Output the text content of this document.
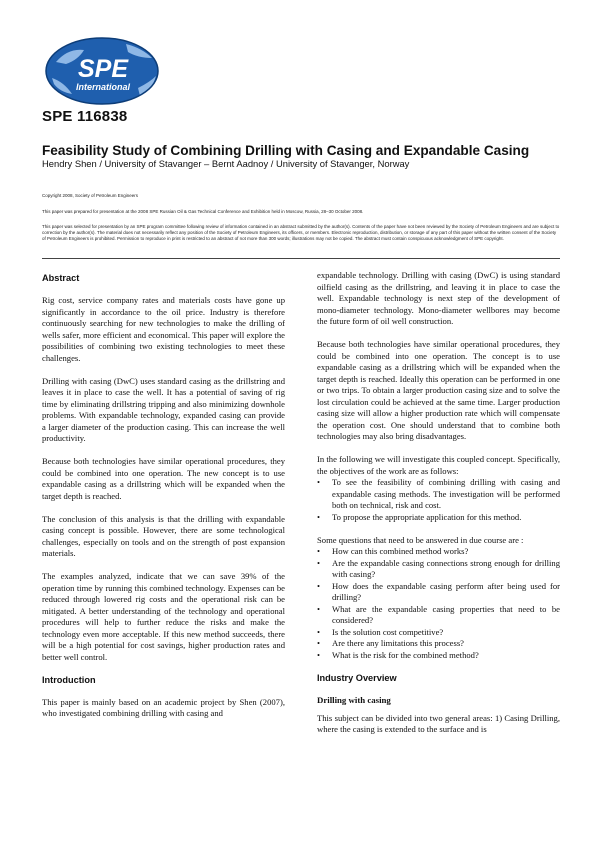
SPE
International
SPE 116838
Feasibility Study of Combining Drilling with Casing and Expandable Casing
Hendry Shen / University of Stavanger – Bernt Aadnoy / University of Stavanger, Norway
Copyright 2008, Society of Petroleum Engineers
This paper was prepared for presentation at the 2008 SPE Russian Oil & Gas Technical Conference and Exhibition held in Moscow, Russia, 28–30 October 2008.
This paper was selected for presentation by an SPE program committee following review of information contained in an abstract submitted by the author(s). Contents of the paper have not been reviewed by the Society of Petroleum Engineers and are subject to correction by the author(s). The material does not necessarily reflect any position of the Society of Petroleum Engineers, its officers, or members. Electronic reproduction, distribution, or storage of any part of this paper without the written consent of the Society of Petroleum Engineers is prohibited. Permission to reproduce in print is restricted to an abstract of not more than 300 words; illustrations may not be copied. The abstract must contain conspicuous acknowledgment of SPE copyright.
Abstract

Rig cost, service company rates and materials costs have gone up significantly in accordance to the oil price. Industry is therefore continuously searching for new technologies to make the drilling of wells safer, more efficient and economical. This paper will explore the possibilities of combining two existing technologies to meet these challenges.

Drilling with casing (DwC) uses standard casing as the drillstring and leaves it in place to case the well. It has a potential of saving of rig time by eliminating drillstring tripping and also minimizing downhole problems. With expandable technology, expanded casing can provide a larger diameter of the production casing. This can increase the well productivity.

Because both technologies have similar operational procedures, they could be combined into one operation. The new concept is to use expandable casing as a drillstring which will be expanded when the target depth is reached.

The conclusion of this analysis is that the drilling with expandable casing concept is possible. However, there are some technological challenges, especially on tools and on the strength of post expansion materials.

The examples analyzed, indicate that we can save 39% of the operation time by running this combined technology. Expenses can be reduced through lowered rig costs and the operational risk can be mitigated. A better understanding of the technology and operational procedures will help to further reduce the risks and make the technology even more acceptable. If this new method succeeds, there will be a high potential for cost savings, higher production rates and better well control.

Introduction

This paper is mainly based on an academic project by Shen (2007), who investigated combining drilling with casing and

expandable technology. Drilling with casing (DwC) is using standard oilfield casing as the drillstring, and leaving it in place to case the well. Expandable technology is next step of the development of mono-diameter technology. Mono-diameter wellbores may become the future form of oil well construction.

Because both technologies have similar operational procedures, they could be combined into one operation. The concept is to use expandable casing as a drillstring which will be expanded when the target depth is reached. Ideally this operation can be performed in one or two trips. To obtain a larger production casing size and to solve the lost circulation could be achieved at the same time. Larger production casing size will allow a higher production rate which will compensate the operation cost. One should understand that to combine both technologies may also bring disadvantages.

In the following we will investigate this coupled concept. Specifically, the objectives of the work are as follows:

• To see the feasibility of combining drilling with casing and expandable casing methods. The investigation will be performed both on technical, risk and cost.
• To propose the appropriate application for this method.

Some questions that need to be answered in due course are :

• How can this combined method works?
• Are the expandable casing connections strong enough for drilling with casing?
• How does the expandable casing perform after being used for drilling?
• What are the expandable casing properties that need to be considered?
• Is the solution cost competitive?
• Are there any limitations this process?
• What is the risk for the combined method?
Industry Overview
Drilling with casing

This subject can be divided into two general areas: 1) Casing Drilling, where the casing is extended to the surface and is
